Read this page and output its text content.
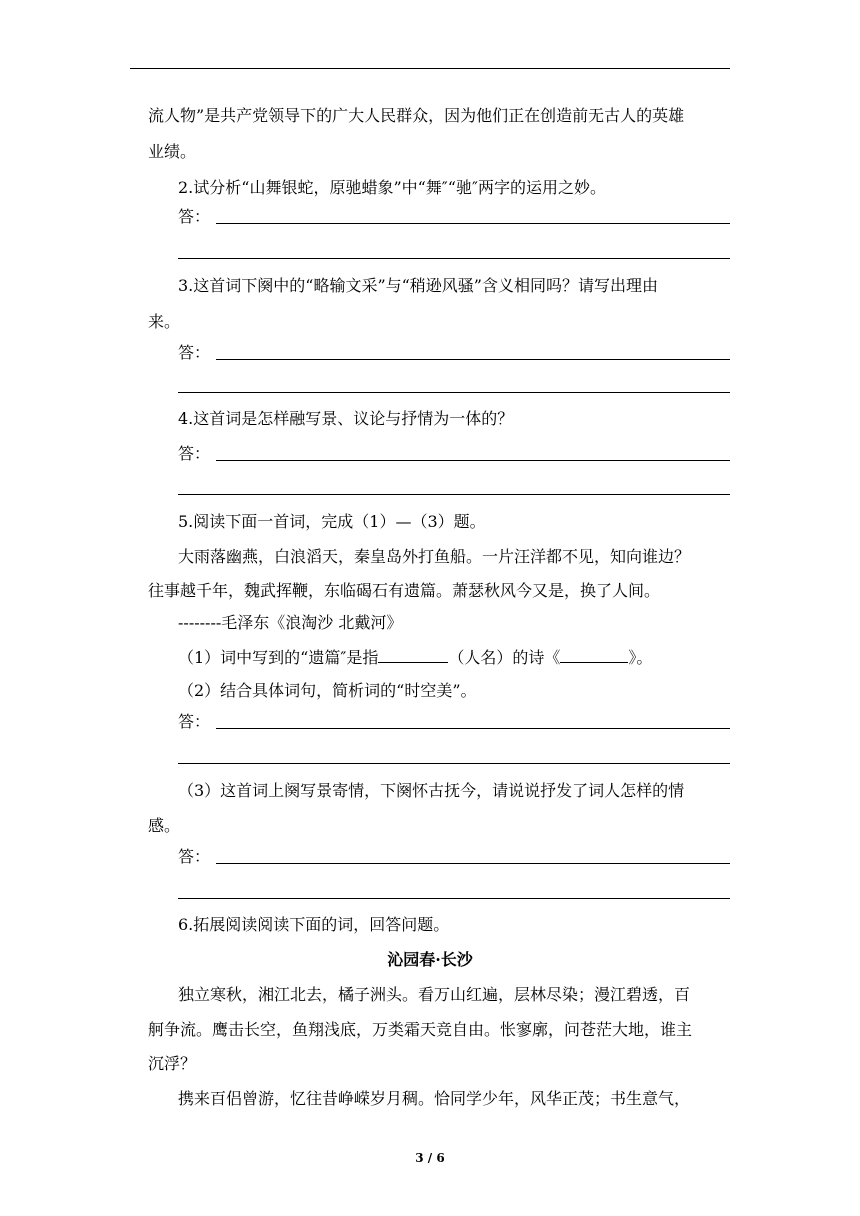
流人物”是共产党领导下的广大人民群众，因为他们正在创造前无古人的英雄
业绩。
2.试分析“山舞银蛇，原驰蜡象”中“舞″“驰″两字的运用之妙。
答：
3.这首词下阕中的“略输文采”与“稍逊风骚”含义相同吗？请写出理由
来。
答：
4.这首词是怎样融写景、议论与抒情为一体的？
答：
5.阅读下面一首词，完成（1）—（3）题。
大雨落幽燕，白浪滔天，秦皇岛外打鱼船。一片汪洋都不见，知向谁边？
往事越千年，魏武挥鞭，东临碣石有遗篇。萧瑟秋风今又是，换了人间。
--------毛泽东《浪淘沙 北戴河》
（1）词中写到的“遗篇″是指	（人名）的诗《	》。
（2）结合具体词句，简析词的“时空美”。
答：
（3）这首词上阕写景寄情，下阕怀古抚今，请说说抒发了词人怎样的情
感。
答：
6.拓展阅读阅读下面的词，回答问题。
沁园春·长沙
独立寒秋，湘江北去，橘子洲头。看万山红遍，层林尽染；漫江碧透，百
舸争流。鹰击长空，鱼翔浅底，万类霜天竞自由。怅寥廓，问苍茫大地，谁主
沉浮？
携来百侣曾游，忆往昔峥嵘岁月稠。恰同学少年，风华正茂；书生意气，
3 / 6
